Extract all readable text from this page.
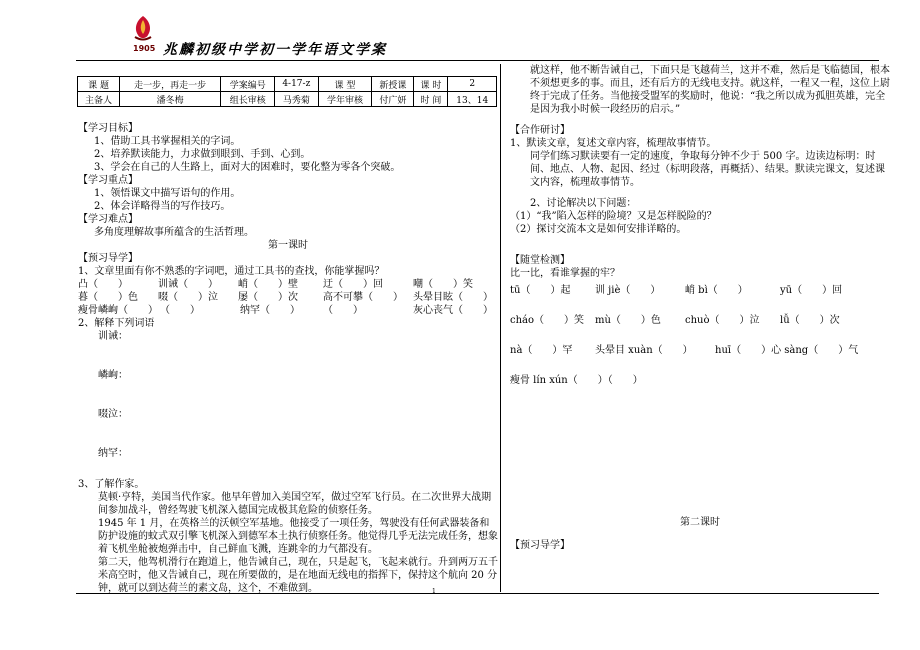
1905 兆麟初级中学初一学年语文学案
课 题	走一步，再走一步	学案编号	4-17-z	课 型	新授课	课 时	2
主备人	潘冬梅	组长审核	马秀菊	学年审核	付广妍	时 间	13、14

【学习目标】

1、借助工具书掌握相关的字词。

2、培养默读能力，力求做到眼到、手到、心到。

3、学会在自己的人生路上，面对大的困难时，要化整为零各个突破。

【学习重点】

1、领悟课文中描写语句的作用。

2、体会详略得当的写作技巧。

【学习难点】

多角度理解故事所蕴含的生活哲理。

第一课时

【预习导学】

1、文章里面有你不熟悉的字词吧，通过工具书的查找，你能掌握吗？

凸（　　）	训诫（　　）	峭（　　）壁	迂（　　）回	嘲（　　）笑
暮（　　）色	啜（　　）泣	屡（　　）次	高不可攀（　　）	头晕目眩（　　）
瘦骨嶙峋（　　） （　　）	纳罕（　　）	（　　）	灰心丧气（　　）

2、解释下列词语

训诫：

嶙峋：

啜泣：

纳罕：

3、了解作家。

莫顿·亨特，美国当代作家。他早年曾加入美国空军，做过空军飞行员。在二次世界大战期间参加战斗，曾经驾驶飞机深入德国完成极其危险的侦察任务。

1945 年 1 月，在英格兰的沃顿空军基地。他接受了一项任务，驾驶没有任何武器装备和防护设施的蚊式双引擎飞机深入到德军本土执行侦察任务。他觉得几乎无法完成任务，想象着飞机坐舱被炮弹击中，自己鲜血飞溅，连跳伞的力气都没有。

第二天，他驾机滑行在跑道上，他告诫自己，现在，只是起飞，飞起来就行。升到两万五千米高空时，他又告诫自己，现在所要做的，是在地面无线电的指挥下，保持这个航向 20 分钟，就可以到达荷兰的素文岛，这个，不难做到。

就这样，他不断告诫自己，下面只是飞越荷兰，这并不难，然后是飞临德国，根本不须想更多的事。而且，还有后方的无线电支持。就这样，一程又一程，这位上尉终于完成了任务。当他接受盟军的奖励时，他说：“我之所以成为孤胆英雄，完全是因为我小时候一段经历的启示。”

【合作研讨】

1、默读文章，复述文章内容，梳理故事情节。

同学们练习默读要有一定的速度，争取每分钟不少于 500 字。边读边标明：时间、地点、人物、起因、经过（标明段落，再概括）、结果。默读完课文，复述课文内容，梳理故事情节。

2、讨论解决以下问题：

（1）“我”陷入怎样的险境？又是怎样脱险的？

（2）探讨交流本文是如何安排详略的。

【随堂检测】

比一比，看谁掌握的牢？

tū（　　）起	训 jiè（　　）	峭 bì（　　）	yū（　　）回
cháo（　　）笑	mù（　　）色	chuò（　　）泣	lǚ（　　）次
nà（　　）罕	头晕目 xuàn（　　）	huī（　　）心 sàng（　　）气
瘦骨 lín xún（　　）（　　）

第二课时

【预习导学】

1
